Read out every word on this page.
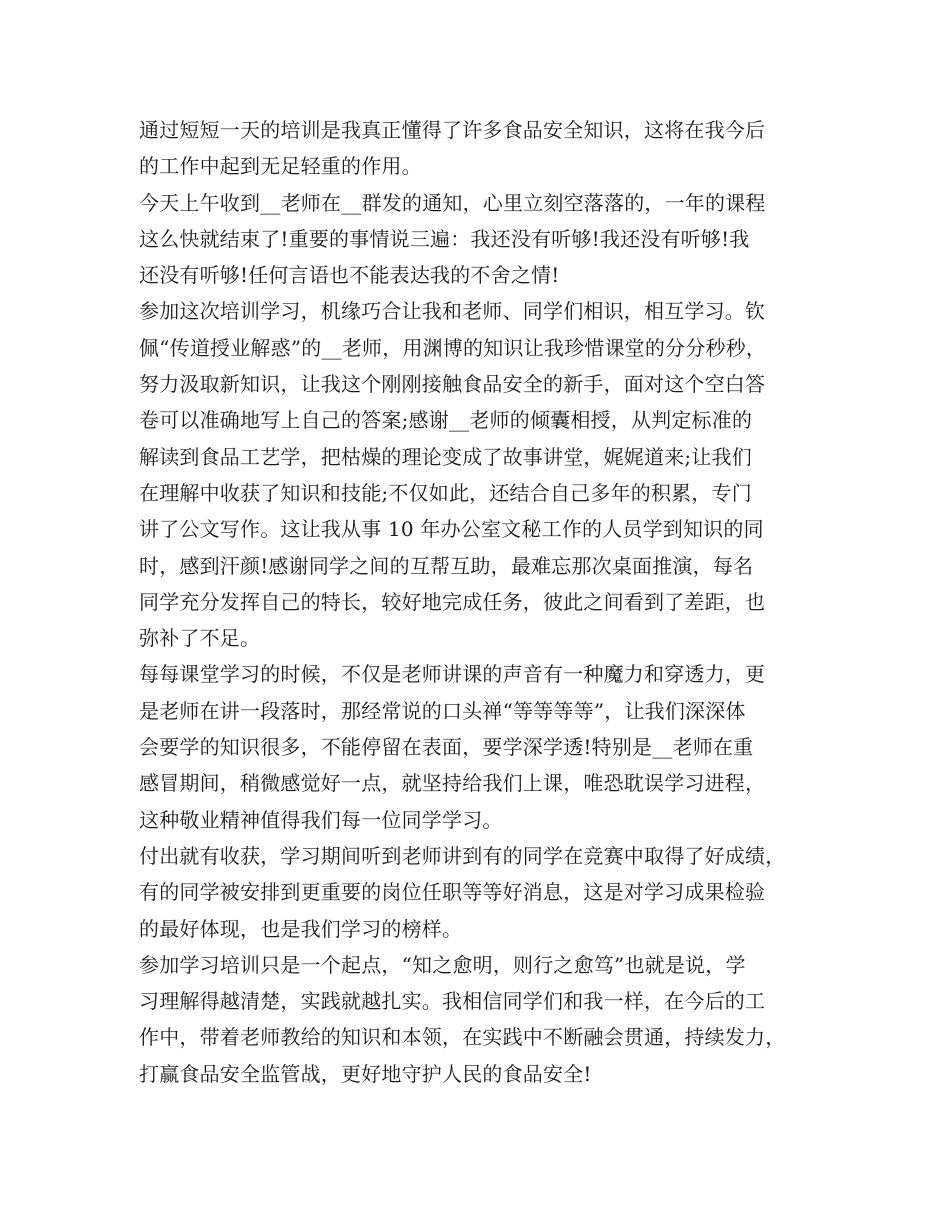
通过短短一天的培训是我真正懂得了许多食品安全知识，这将在我今后
的工作中起到无足轻重的作用。
今天上午收到__老师在__群发的通知，心里立刻空落落的，一年的课程
这么快就结束了!重要的事情说三遍：我还没有听够!我还没有听够!我
还没有听够!任何言语也不能表达我的不舍之情!
参加这次培训学习，机缘巧合让我和老师、同学们相识，相互学习。钦
佩“传道授业解惑”的__老师，用渊博的知识让我珍惜课堂的分分秒秒，
努力汲取新知识，让我这个刚刚接触食品安全的新手，面对这个空白答
卷可以准确地写上自己的答案;感谢__老师的倾囊相授，从判定标准的
解读到食品工艺学，把枯燥的理论变成了故事讲堂，娓娓道来;让我们
在理解中收获了知识和技能;不仅如此，还结合自己多年的积累，专门
讲了公文写作。这让我从事 10 年办公室文秘工作的人员学到知识的同
时，感到汗颜!感谢同学之间的互帮互助，最难忘那次桌面推演，每名
同学充分发挥自己的特长，较好地完成任务，彼此之间看到了差距，也
弥补了不足。
每每课堂学习的时候，不仅是老师讲课的声音有一种魔力和穿透力，更
是老师在讲一段落时，那经常说的口头禅“等等等等”，让我们深深体
会要学的知识很多，不能停留在表面，要学深学透!特别是__老师在重
感冒期间，稍微感觉好一点，就坚持给我们上课，唯恐耽误学习进程，
这种敬业精神值得我们每一位同学学习。
付出就有收获，学习期间听到老师讲到有的同学在竞赛中取得了好成绩，
有的同学被安排到更重要的岗位任职等等好消息，这是对学习成果检验
的最好体现，也是我们学习的榜样。
参加学习培训只是一个起点，“知之愈明，则行之愈笃”也就是说，学
习理解得越清楚，实践就越扎实。我相信同学们和我一样，在今后的工
作中，带着老师教给的知识和本领，在实践中不断融会贯通，持续发力，
打赢食品安全监管战，更好地守护人民的食品安全!
